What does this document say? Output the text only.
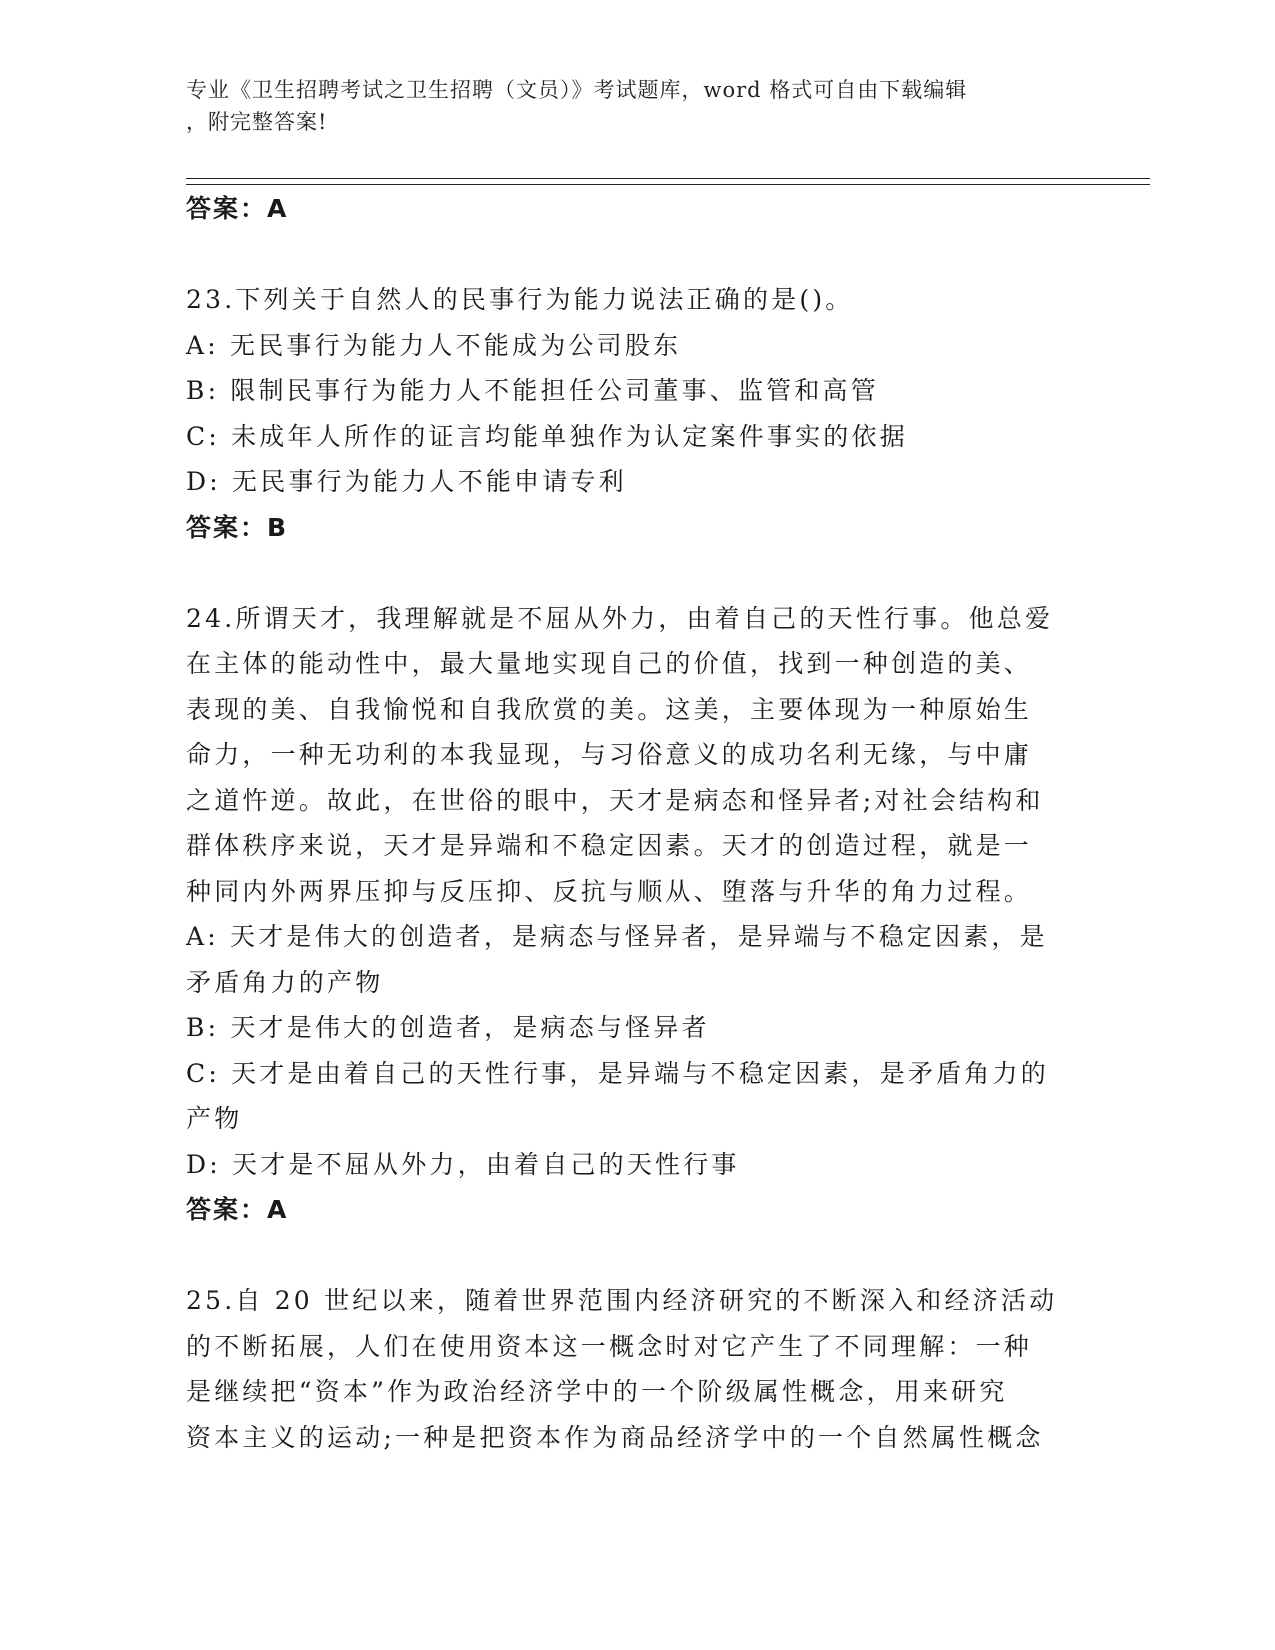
专业《卫生招聘考试之卫生招聘（文员）》考试题库，word 格式可自由下载编辑
，附完整答案!
答案：A
23.下列关于自然人的民事行为能力说法正确的是()。
A: 无民事行为能力人不能成为公司股东
B: 限制民事行为能力人不能担任公司董事、监管和高管
C: 未成年人所作的证言均能单独作为认定案件事实的依据
D: 无民事行为能力人不能申请专利
答案：B
24.所谓天才，我理解就是不屈从外力，由着自己的天性行事。他总爱
在主体的能动性中，最大量地实现自己的价值，找到一种创造的美、
表现的美、自我愉悦和自我欣赏的美。这美，主要体现为一种原始生
命力，一种无功利的本我显现，与习俗意义的成功名利无缘，与中庸
之道忤逆。故此，在世俗的眼中，天才是病态和怪异者;对社会结构和
群体秩序来说，天才是异端和不稳定因素。天才的创造过程，就是一
种同内外两界压抑与反压抑、反抗与顺从、堕落与升华的角力过程。
A: 天才是伟大的创造者，是病态与怪异者，是异端与不稳定因素，是
矛盾角力的产物
B: 天才是伟大的创造者，是病态与怪异者
C: 天才是由着自己的天性行事，是异端与不稳定因素，是矛盾角力的
产物
D: 天才是不屈从外力，由着自己的天性行事
答案：A
25.自 20 世纪以来，随着世界范围内经济研究的不断深入和经济活动
的不断拓展，人们在使用资本这一概念时对它产生了不同理解：一种
是继续把“资本”作为政治经济学中的一个阶级属性概念，用来研究
资本主义的运动;一种是把资本作为商品经济学中的一个自然属性概念
